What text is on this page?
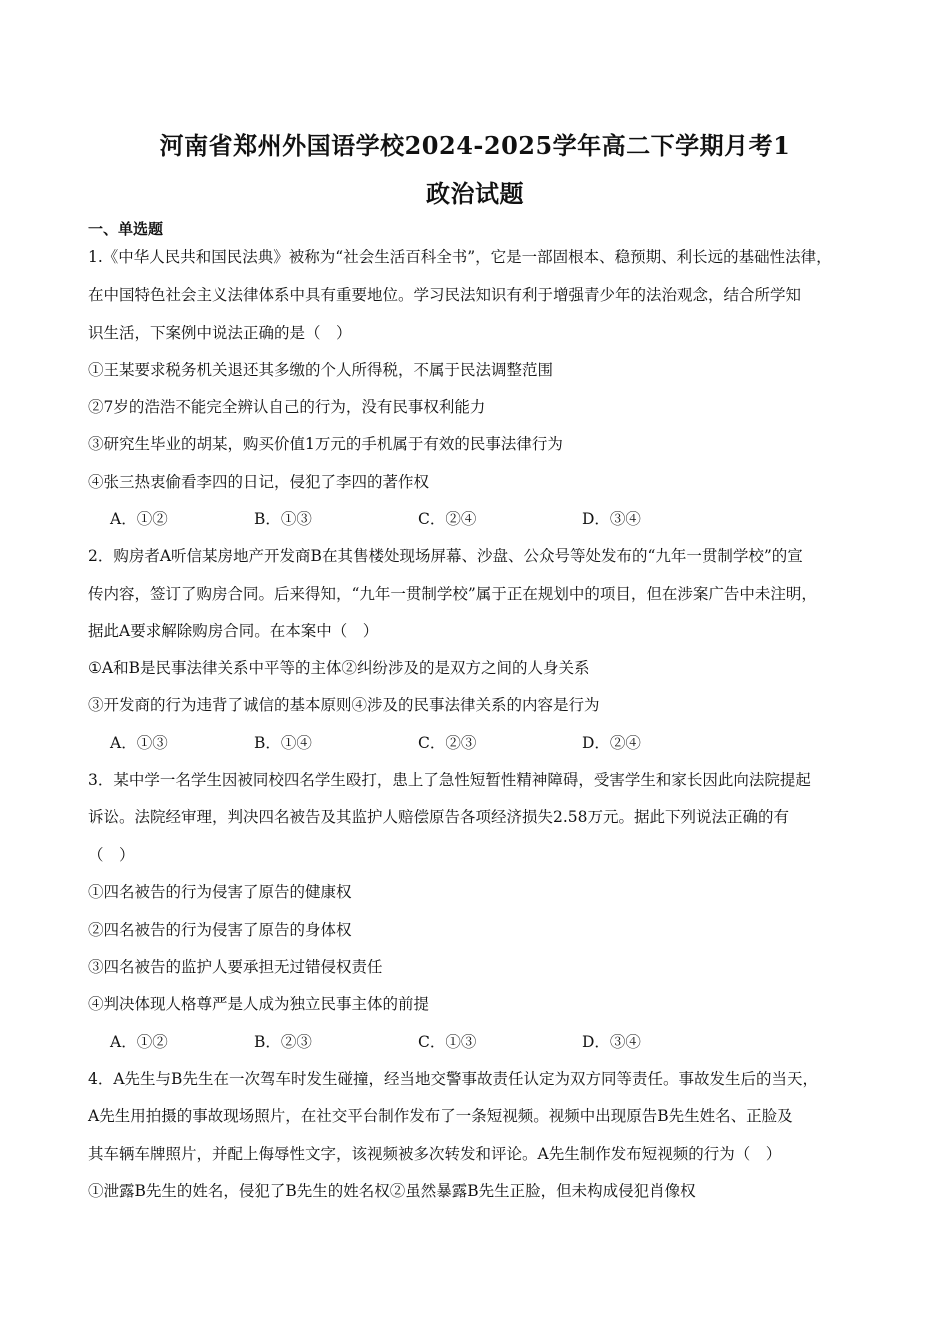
河南省郑州外国语学校2024-2025学年高二下学期月考1
政治试题
一、单选题
1.《中华人民共和国民法典》被称为“社会生活百科全书”，它是一部固根本、稳预期、利长远的基础性法律，
在中国特色社会主义法律体系中具有重要地位。学习民法知识有利于增强青少年的法治观念，结合所学知
识生活，下案例中说法正确的是（　）
①王某要求税务机关退还其多缴的个人所得税，不属于民法调整范围
②7岁的浩浩不能完全辨认自己的行为，没有民事权利能力
③研究生毕业的胡某，购买价值1万元的手机属于有效的民事法律行为
④张三热衷偷看李四的日记，侵犯了李四的著作权
A．①②	B．①③	C．②④	D．③④
2．购房者A听信某房地产开发商B在其售楼处现场屏幕、沙盘、公众号等处发布的“九年一贯制学校”的宣
传内容，签订了购房合同。后来得知，“九年一贯制学校”属于正在规划中的项目，但在涉案广告中未注明，
据此A要求解除购房合同。在本案中（　）
①A和B是民事法律关系中平等的主体②纠纷涉及的是双方之间的人身关系
③开发商的行为违背了诚信的基本原则④涉及的民事法律关系的内容是行为
A．①③	B．①④	C．②③	D．②④
3．某中学一名学生因被同校四名学生殴打，患上了急性短暂性精神障碍，受害学生和家长因此向法院提起
诉讼。法院经审理，判决四名被告及其监护人赔偿原告各项经济损失2.58万元。据此下列说法正确的有
（　）
①四名被告的行为侵害了原告的健康权
②四名被告的行为侵害了原告的身体权
③四名被告的监护人要承担无过错侵权责任
④判决体现人格尊严是人成为独立民事主体的前提
A．①②	B．②③	C．①③	D．③④
4．A先生与B先生在一次驾车时发生碰撞，经当地交警事故责任认定为双方同等责任。事故发生后的当天，
A先生用拍摄的事故现场照片，在社交平台制作发布了一条短视频。视频中出现原告B先生姓名、正脸及
其车辆车牌照片，并配上侮辱性文字，该视频被多次转发和评论。A先生制作发布短视频的行为（　）
①泄露B先生的姓名，侵犯了B先生的姓名权②虽然暴露B先生正脸，但未构成侵犯肖像权
